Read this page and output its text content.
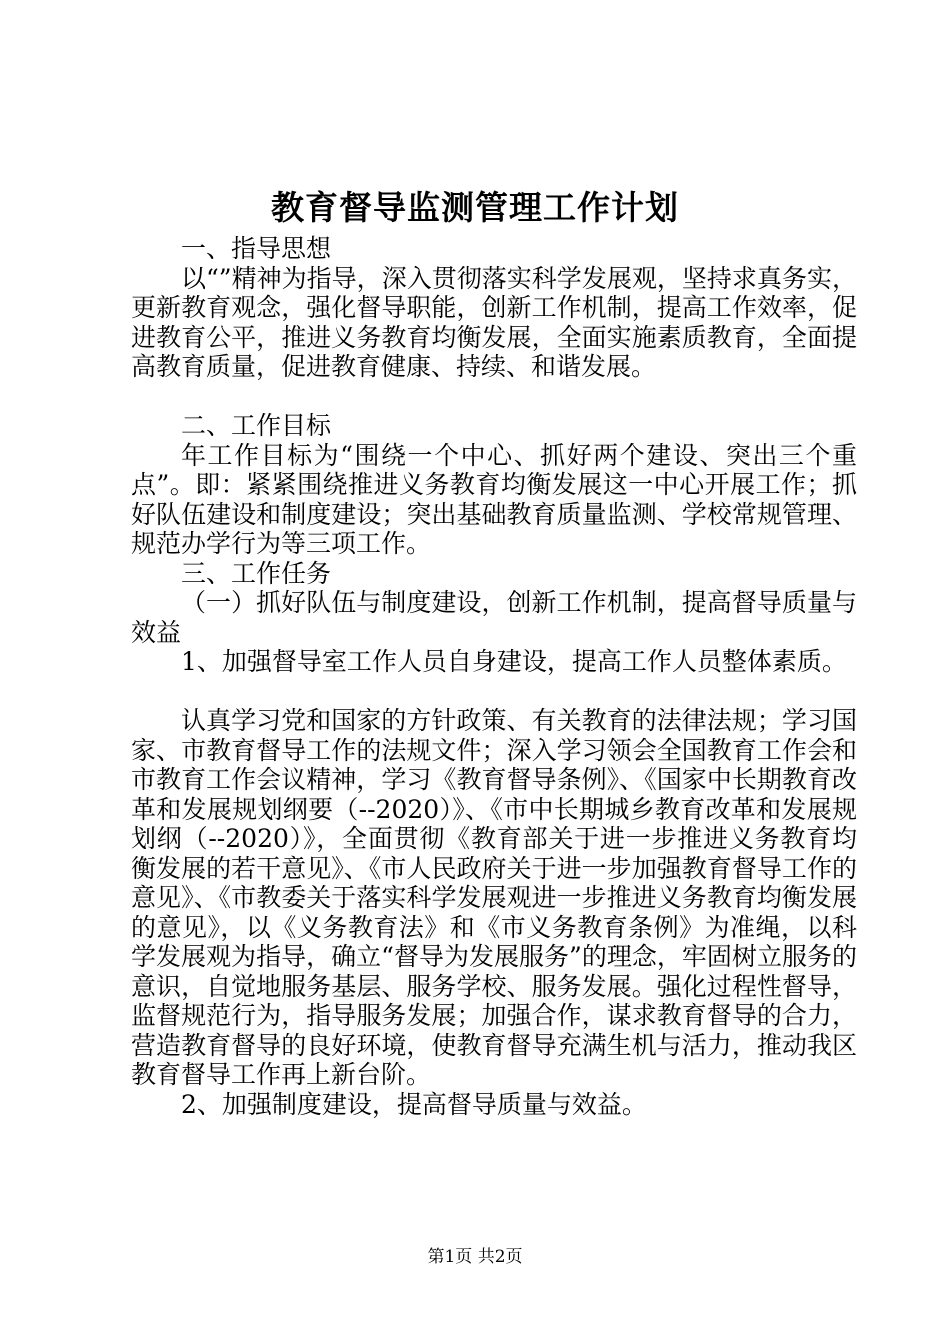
教育督导监测管理工作计划

一、指导思想

以“”精神为指导，深入贯彻落实科学发展观，坚持求真务实，更新教育观念，强化督导职能，创新工作机制，提高工作效率，促进教育公平，推进义务教育均衡发展，全面实施素质教育，全面提高教育质量，促进教育健康、持续、和谐发展。

二、工作目标

年工作目标为“围绕一个中心、抓好两个建设、突出三个重点”。即：紧紧围绕推进义务教育均衡发展这一中心开展工作；抓好队伍建设和制度建设；突出基础教育质量监测、学校常规管理、规范办学行为等三项工作。

三、工作任务

（一）抓好队伍与制度建设，创新工作机制，提高督导质量与效益

1、加强督导室工作人员自身建设，提高工作人员整体素质。

认真学习党和国家的方针政策、有关教育的法律法规；学习国家、市教育督导工作的法规文件；深入学习领会全国教育工作会和市教育工作会议精神，学习《教育督导条例》、《国家中长期教育改革和发展规划纲要（--2020）》、《市中长期城乡教育改革和发展规划纲（--2020）》，全面贯彻《教育部关于进一步推进义务教育均衡发展的若干意见》、《市人民政府关于进一步加强教育督导工作的意见》、《市教委关于落实科学发展观进一步推进义务教育均衡发展的意见》，以《义务教育法》和《市义务教育条例》为准绳，以科学发展观为指导，确立“督导为发展服务”的理念，牢固树立服务的意识，自觉地服务基层、服务学校、服务发展。强化过程性督导，监督规范行为，指导服务发展；加强合作，谋求教育督导的合力，营造教育督导的良好环境，使教育督导充满生机与活力，推动我区教育督导工作再上新台阶。

2、加强制度建设，提高督导质量与效益。

第1页 共2页
